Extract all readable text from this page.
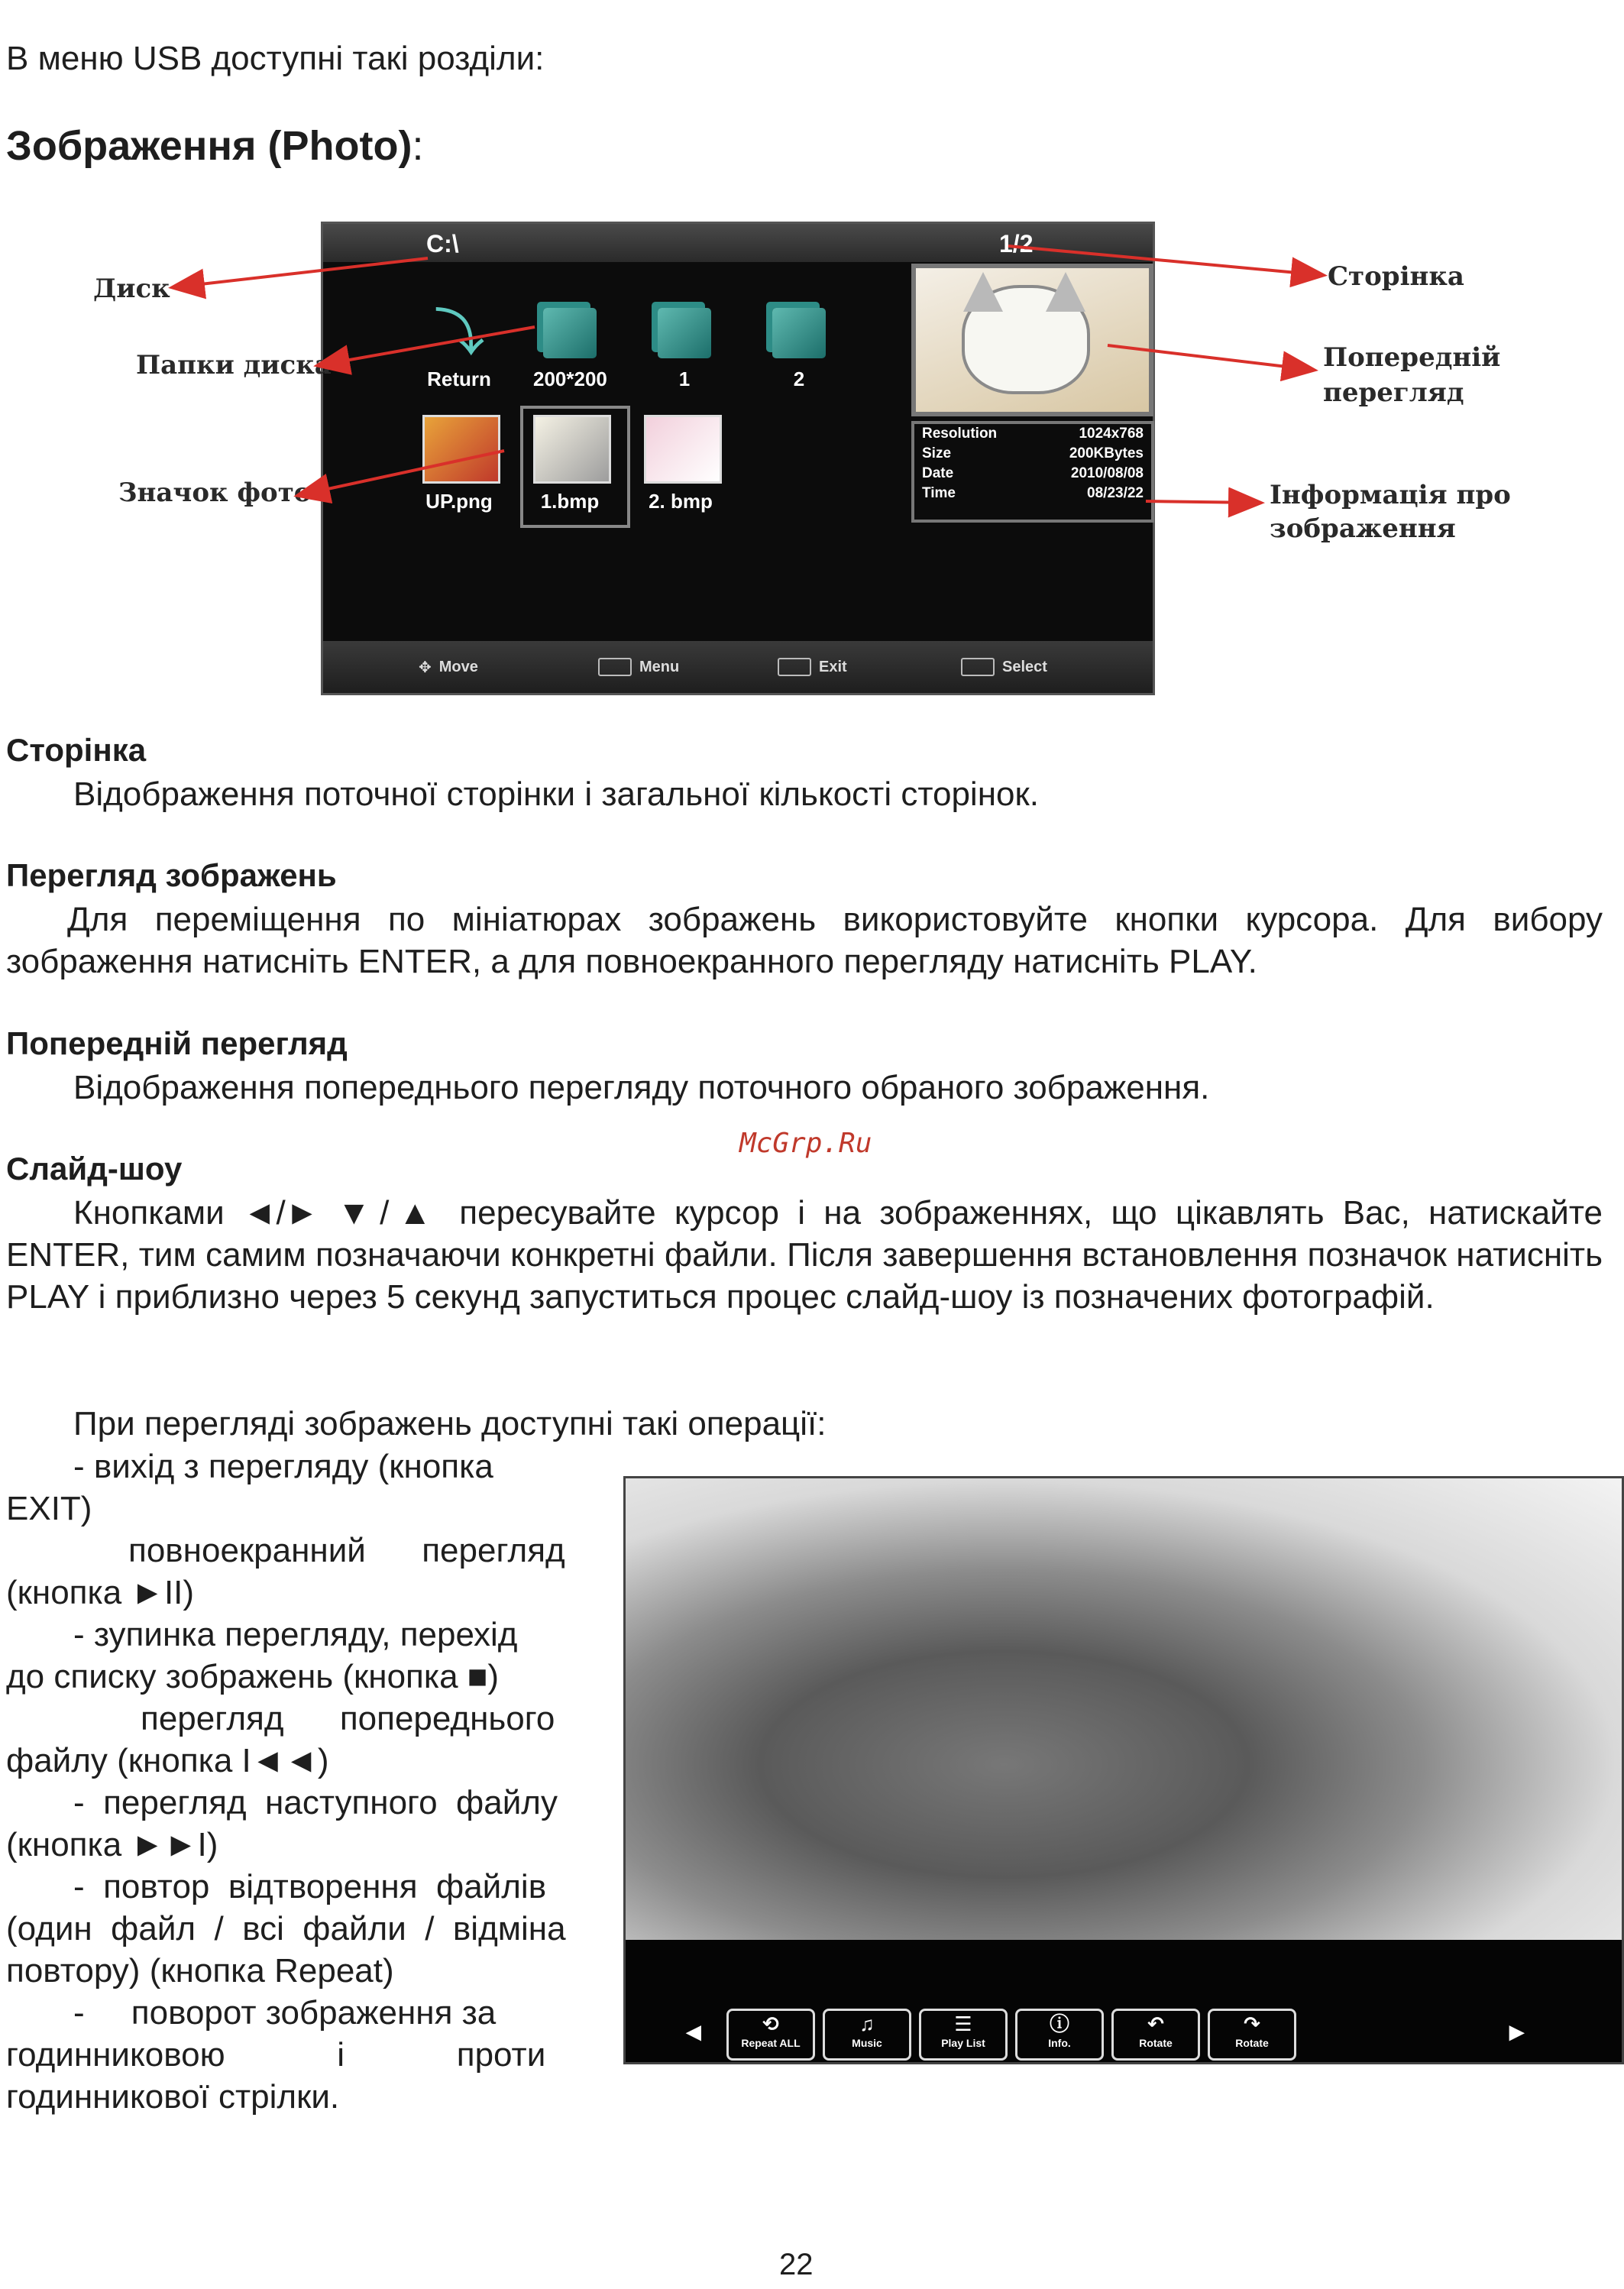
В меню USB доступні такі розділи:
Зображення (Photo):
C:\	1/2
⤵
Return 200*200	1	2
UP.png	1.bmp	2. bmp
Resolution	1024x768
Size	200KBytes
Date	2010/08/08
Time	08/23/22
✥ Move	Menu	Exit	Select
Диск
Папки диска
Значок фото
Сторінка
Попередній
перегляд
Інформація про
зображення
Сторінка
Відображення поточної сторінки і загальної кількості сторінок.
Перегляд зображень
Для переміщення по мініатюрах зображень використовуйте кнопки курсора. Для вибору зображення натисніть ENTER, а для повноекранного перегляду натисніть PLAY.
Попередній перегляд
Відображення попереднього перегляду поточного обраного зображення.
McGrp.Ru
Слайд-шоу
Кнопками ◄/► ▼/▲ пересувайте курсор і на зображеннях, що цікавлять Вас, натискайте ENTER, тим самим позначаючи конкретні файли. Після завершення встановлення позначок натисніть PLAY і приблизно через 5 секунд запуститься процес слайд-шоу із позначених фотографій.
При перегляді зображень доступні такі операції:
- вихід з перегляду (кнопка
EXIT)
повноекранний      перегляд
(кнопка ►II)
- зупинка перегляду, перехід
до списку зображень (кнопка ■)
перегляд      попереднього
файлу (кнопка I◄◄)
-  перегляд  наступного  файлу
(кнопка ►►I)
-  повтор  відтворення  файлів
(один  файл  /  всі  файли  /  відміна
повтору) (кнопка Repeat)
-     поворот зображення за
годинниковою            і            проти
годинникової стрілки.
◄	⟲
Repeat ALL
♫
Music
☰
Play List
ⓘ
Info.
↶
Rotate
↷
Rotate	►
22
